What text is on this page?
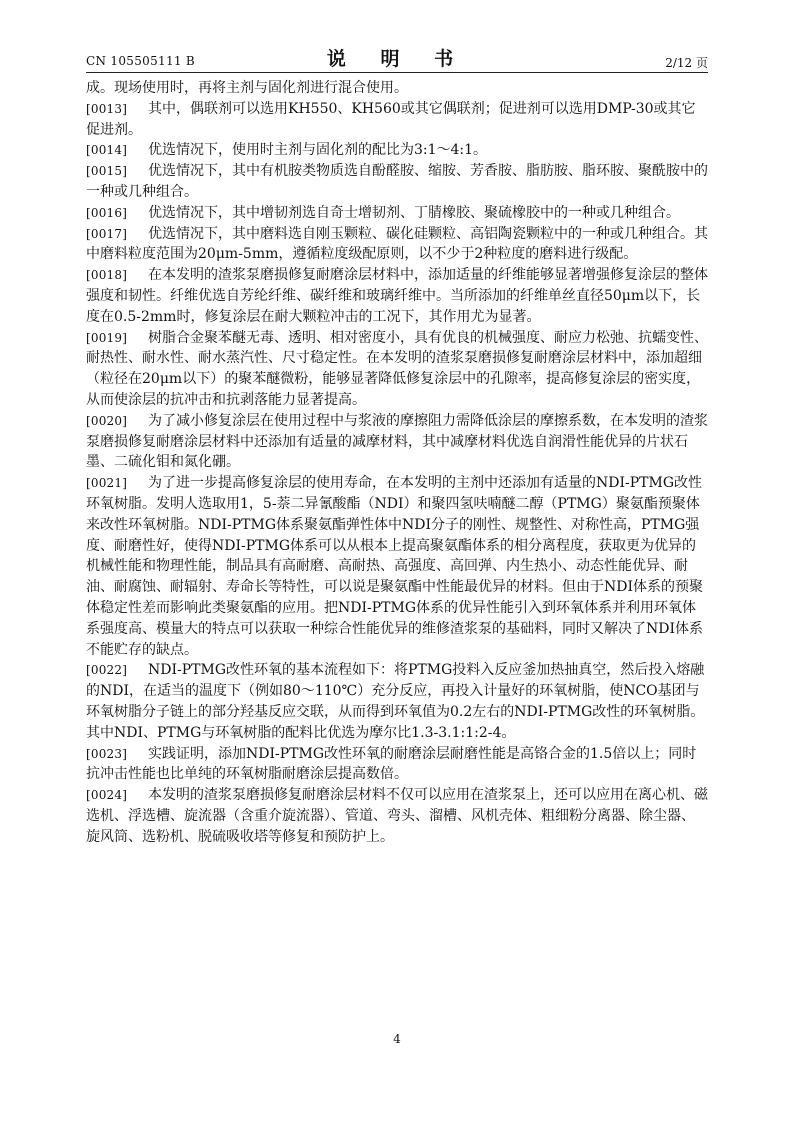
CN 105505111 B	说 明 书	2/12 页

成。现场使用时，再将主剂与固化剂进行混合使用。

[0013] 其中，偶联剂可以选用KH550、KH560或其它偶联剂；促进剂可以选用DMP-30或其它促进剂。

[0014] 优选情况下，使用时主剂与固化剂的配比为3:1～4:1。

[0015] 优选情况下，其中有机胺类物质选自酚醛胺、缩胺、芳香胺、脂肪胺、脂环胺、聚酰胺中的一种或几种组合。

[0016] 优选情况下，其中增韧剂选自奇士增韧剂、丁腈橡胶、聚硫橡胶中的一种或几种组合。

[0017] 优选情况下，其中磨料选自刚玉颗粒、碳化硅颗粒、高铝陶瓷颗粒中的一种或几种组合。其中磨料粒度范围为20μm-5mm，遵循粒度级配原则，以不少于2种粒度的磨料进行级配。

[0018] 在本发明的渣浆泵磨损修复耐磨涂层材料中，添加适量的纤维能够显著增强修复涂层的整体强度和韧性。纤维优选自芳纶纤维、碳纤维和玻璃纤维中。当所添加的纤维单丝直径50μm以下，长度在0.5-2mm时，修复涂层在耐大颗粒冲击的工况下，其作用尤为显著。

[0019] 树脂合金聚苯醚无毒、透明、相对密度小，具有优良的机械强度、耐应力松弛、抗蠕变性、耐热性、耐水性、耐水蒸汽性、尺寸稳定性。在本发明的渣浆泵磨损修复耐磨涂层材料中，添加超细（粒径在20μm以下）的聚苯醚微粉，能够显著降低修复涂层中的孔隙率，提高修复涂层的密实度，从而使涂层的抗冲击和抗剥落能力显著提高。

[0020] 为了减小修复涂层在使用过程中与浆液的摩擦阻力需降低涂层的摩擦系数，在本发明的渣浆泵磨损修复耐磨涂层材料中还添加有适量的减摩材料，其中减摩材料优选自润滑性能优异的片状石墨、二硫化钼和氮化硼。

[0021] 为了进一步提高修复涂层的使用寿命，在本发明的主剂中还添加有适量的NDI-PTMG改性环氧树脂。发明人选取用1，5-萘二异氰酸酯（NDI）和聚四氢呋喃醚二醇（PTMG）聚氨酯预聚体来改性环氧树脂。NDI-PTMG体系聚氨酯弹性体中NDI分子的刚性、规整性、对称性高，PTMG强度、耐磨性好，使得NDI-PTMG体系可以从根本上提高聚氨酯体系的相分离程度，获取更为优异的机械性能和物理性能，制品具有高耐磨、高耐热、高强度、高回弹、内生热小、动态性能优异、耐油、耐腐蚀、耐辐射、寿命长等特性，可以说是聚氨酯中性能最优异的材料。但由于NDI体系的预聚体稳定性差而影响此类聚氨酯的应用。把NDI-PTMG体系的优异性能引入到环氧体系并利用环氧体系强度高、模量大的特点可以获取一种综合性能优异的维修渣浆泵的基础料，同时又解决了NDI体系不能贮存的缺点。

[0022] NDI-PTMG改性环氧的基本流程如下：将PTMG投料入反应釜加热抽真空，然后投入熔融的NDI，在适当的温度下（例如80～110℃）充分反应，再投入计量好的环氧树脂，使NCO基团与环氧树脂分子链上的部分羟基反应交联，从而得到环氧值为0.2左右的NDI-PTMG改性的环氧树脂。其中NDI、PTMG与环氧树脂的配料比优选为摩尔比1.3-3.1:1:2-4。

[0023] 实践证明，添加NDI-PTMG改性环氧的耐磨涂层耐磨性能是高铬合金的1.5倍以上；同时抗冲击性能也比单纯的环氧树脂耐磨涂层提高数倍。

[0024] 本发明的渣浆泵磨损修复耐磨涂层材料不仅可以应用在渣浆泵上，还可以应用在离心机、磁选机、浮选槽、旋流器（含重介旋流器）、管道、弯头、溜槽、风机壳体、粗细粉分离器、除尘器、旋风筒、选粉机、脱硫吸收塔等修复和预防护上。

4
